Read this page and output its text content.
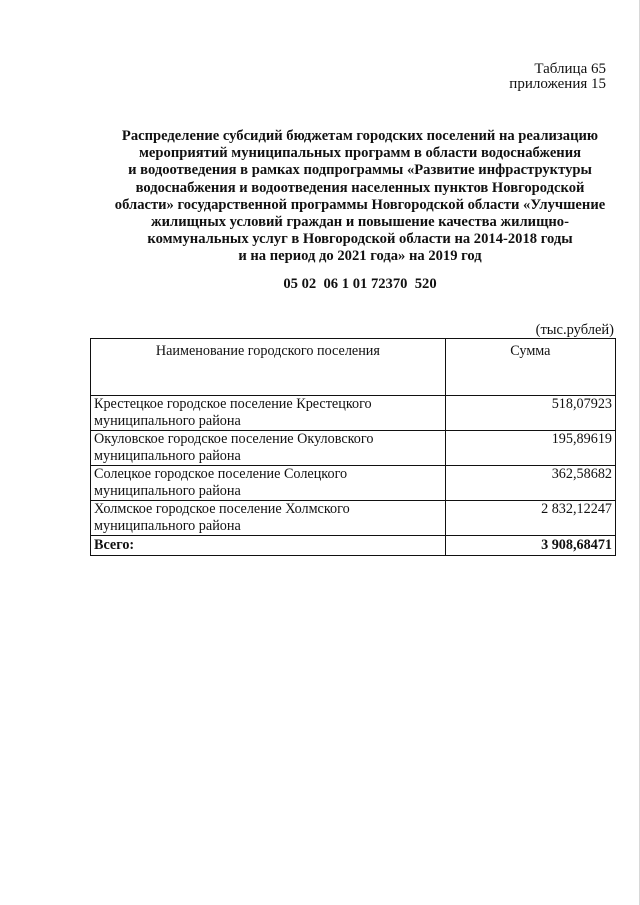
Таблица 65
приложения 15
Распределение субсидий бюджетам городских поселений на реализацию
мероприятий муниципальных программ в области водоснабжения
и водоотведения в рамках подпрограммы «Развитие инфраструктуры
водоснабжения и водоотведения населенных пунктов Новгородской
области» государственной программы Новгородской области «Улучшение
жилищных условий граждан и повышение качества жилищно-
коммунальных услуг в Новгородской области на 2014-2018 годы
и на период до 2021 года» на 2019 год
05 02  06 1 01 72370  520
(тыс.рублей)
Наименование городского поселения	Сумма
Крестецкое городское поселение Крестецкого муниципального района	518,07923
Окуловское городское поселение Окуловского муниципального района	195,89619
Солецкое городское поселение Солецкого муниципального района	362,58682
Холмское городское поселение Холмского муниципального района	2 832,12247
Всего:	3 908,68471
